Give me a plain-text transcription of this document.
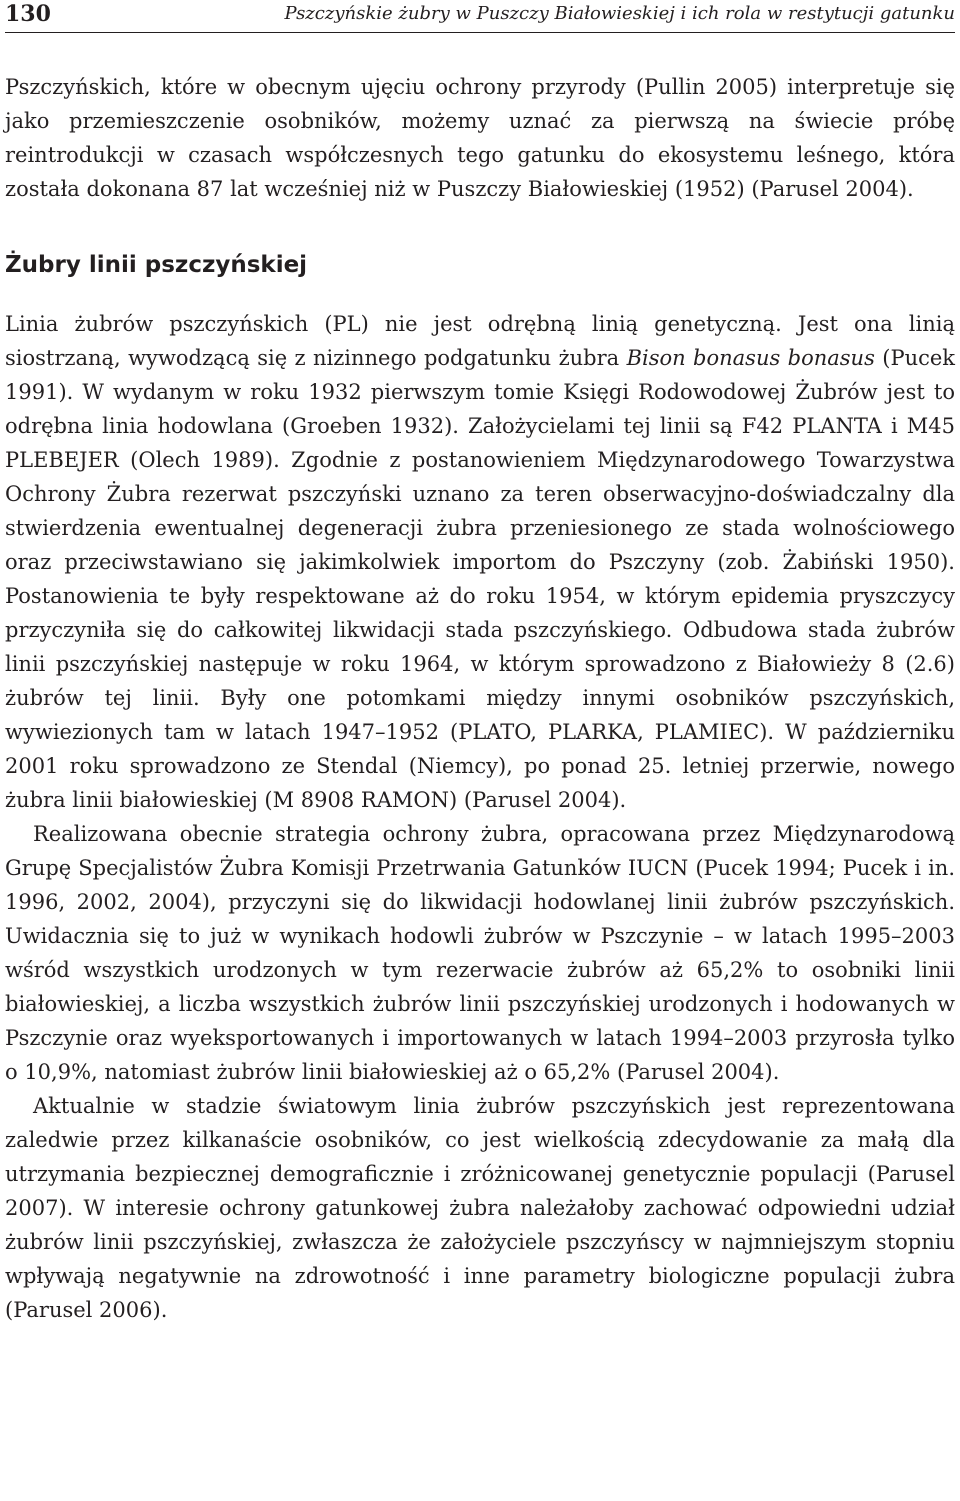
130	Pszczyńskie żubry w Puszczy Białowieskiej i ich rola w restytucji gatunku

Pszczyńskich, które w obecnym ujęciu ochrony przyrody (Pullin 2005) interpretuje się jako przemieszczenie osobników, możemy uznać za pierwszą na świecie próbę reintrodukcji w czasach współczesnych tego gatunku do ekosystemu leśnego, która została dokonana 87 lat wcześniej niż w Puszczy Białowieskiej (1952) (Parusel 2004).

Żubry linii pszczyńskiej

Linia żubrów pszczyńskich (PL) nie jest odrębną linią genetyczną. Jest ona linią siostrzaną, wywodzącą się z nizinnego podgatunku żubra Bison bonasus bonasus (Pucek 1991). W wydanym w roku 1932 pierwszym tomie Księgi Rodowodowej Żubrów jest to odrębna linia hodowlana (Groeben 1932). Założycielami tej linii są F42 PLANTA i M45 PLEBEJER (Olech 1989). Zgodnie z postanowieniem Międzynarodowego Towarzystwa Ochrony Żubra rezerwat pszczyński uznano za teren obserwacyjno-doświadczalny dla stwierdzenia ewentualnej degeneracji żubra przeniesionego ze stada wolnościowego oraz przeciwstawiano się jakimkolwiek importom do Pszczyny (zob. Żabiński 1950). Postanowienia te były respektowane aż do roku 1954, w którym epidemia pryszczycy przyczyniła się do całkowitej likwidacji stada pszczyńskiego. Odbudowa stada żubrów linii pszczyńskiej następuje w roku 1964, w którym sprowadzono z Białowieży 8 (2.6) żubrów tej linii. Były one potomkami między innymi osobników pszczyńskich, wywiezionych tam w latach 1947–1952 (PLATO, PLARKA, PLAMIEC). W październiku 2001 roku sprowadzono ze Stendal (Niemcy), po ponad 25. letniej przerwie, nowego żubra linii białowieskiej (M 8908 RAMON) (Parusel 2004).

Realizowana obecnie strategia ochrony żubra, opracowana przez Międzynarodową Grupę Specjalistów Żubra Komisji Przetrwania Gatunków IUCN (Pucek 1994; Pucek i in. 1996, 2002, 2004), przyczyni się do likwidacji hodowlanej linii żubrów pszczyńskich. Uwidacznia się to już w wynikach hodowli żubrów w Pszczynie – w latach 1995–2003 wśród wszystkich urodzonych w tym rezerwacie żubrów aż 65,2% to osobniki linii białowieskiej, a liczba wszystkich żubrów linii pszczyńskiej urodzonych i hodowanych w Pszczynie oraz wyeksportowanych i importowanych w latach 1994–2003 przyrosła tylko o 10,9%, natomiast żubrów linii białowieskiej aż o 65,2% (Parusel 2004).

Aktualnie w stadzie światowym linia żubrów pszczyńskich jest reprezentowana zaledwie przez kilkanaście osobników, co jest wielkością zdecydowanie za małą dla utrzymania bezpiecznej demograficznie i zróżnicowanej genetycznie populacji (Parusel 2007). W interesie ochrony gatunkowej żubra należałoby zachować odpowiedni udział żubrów linii pszczyńskiej, zwłaszcza że założyciele pszczyńscy w najmniejszym stopniu wpływają negatywnie na zdrowotność i inne parametry biologiczne populacji żubra (Parusel 2006).
